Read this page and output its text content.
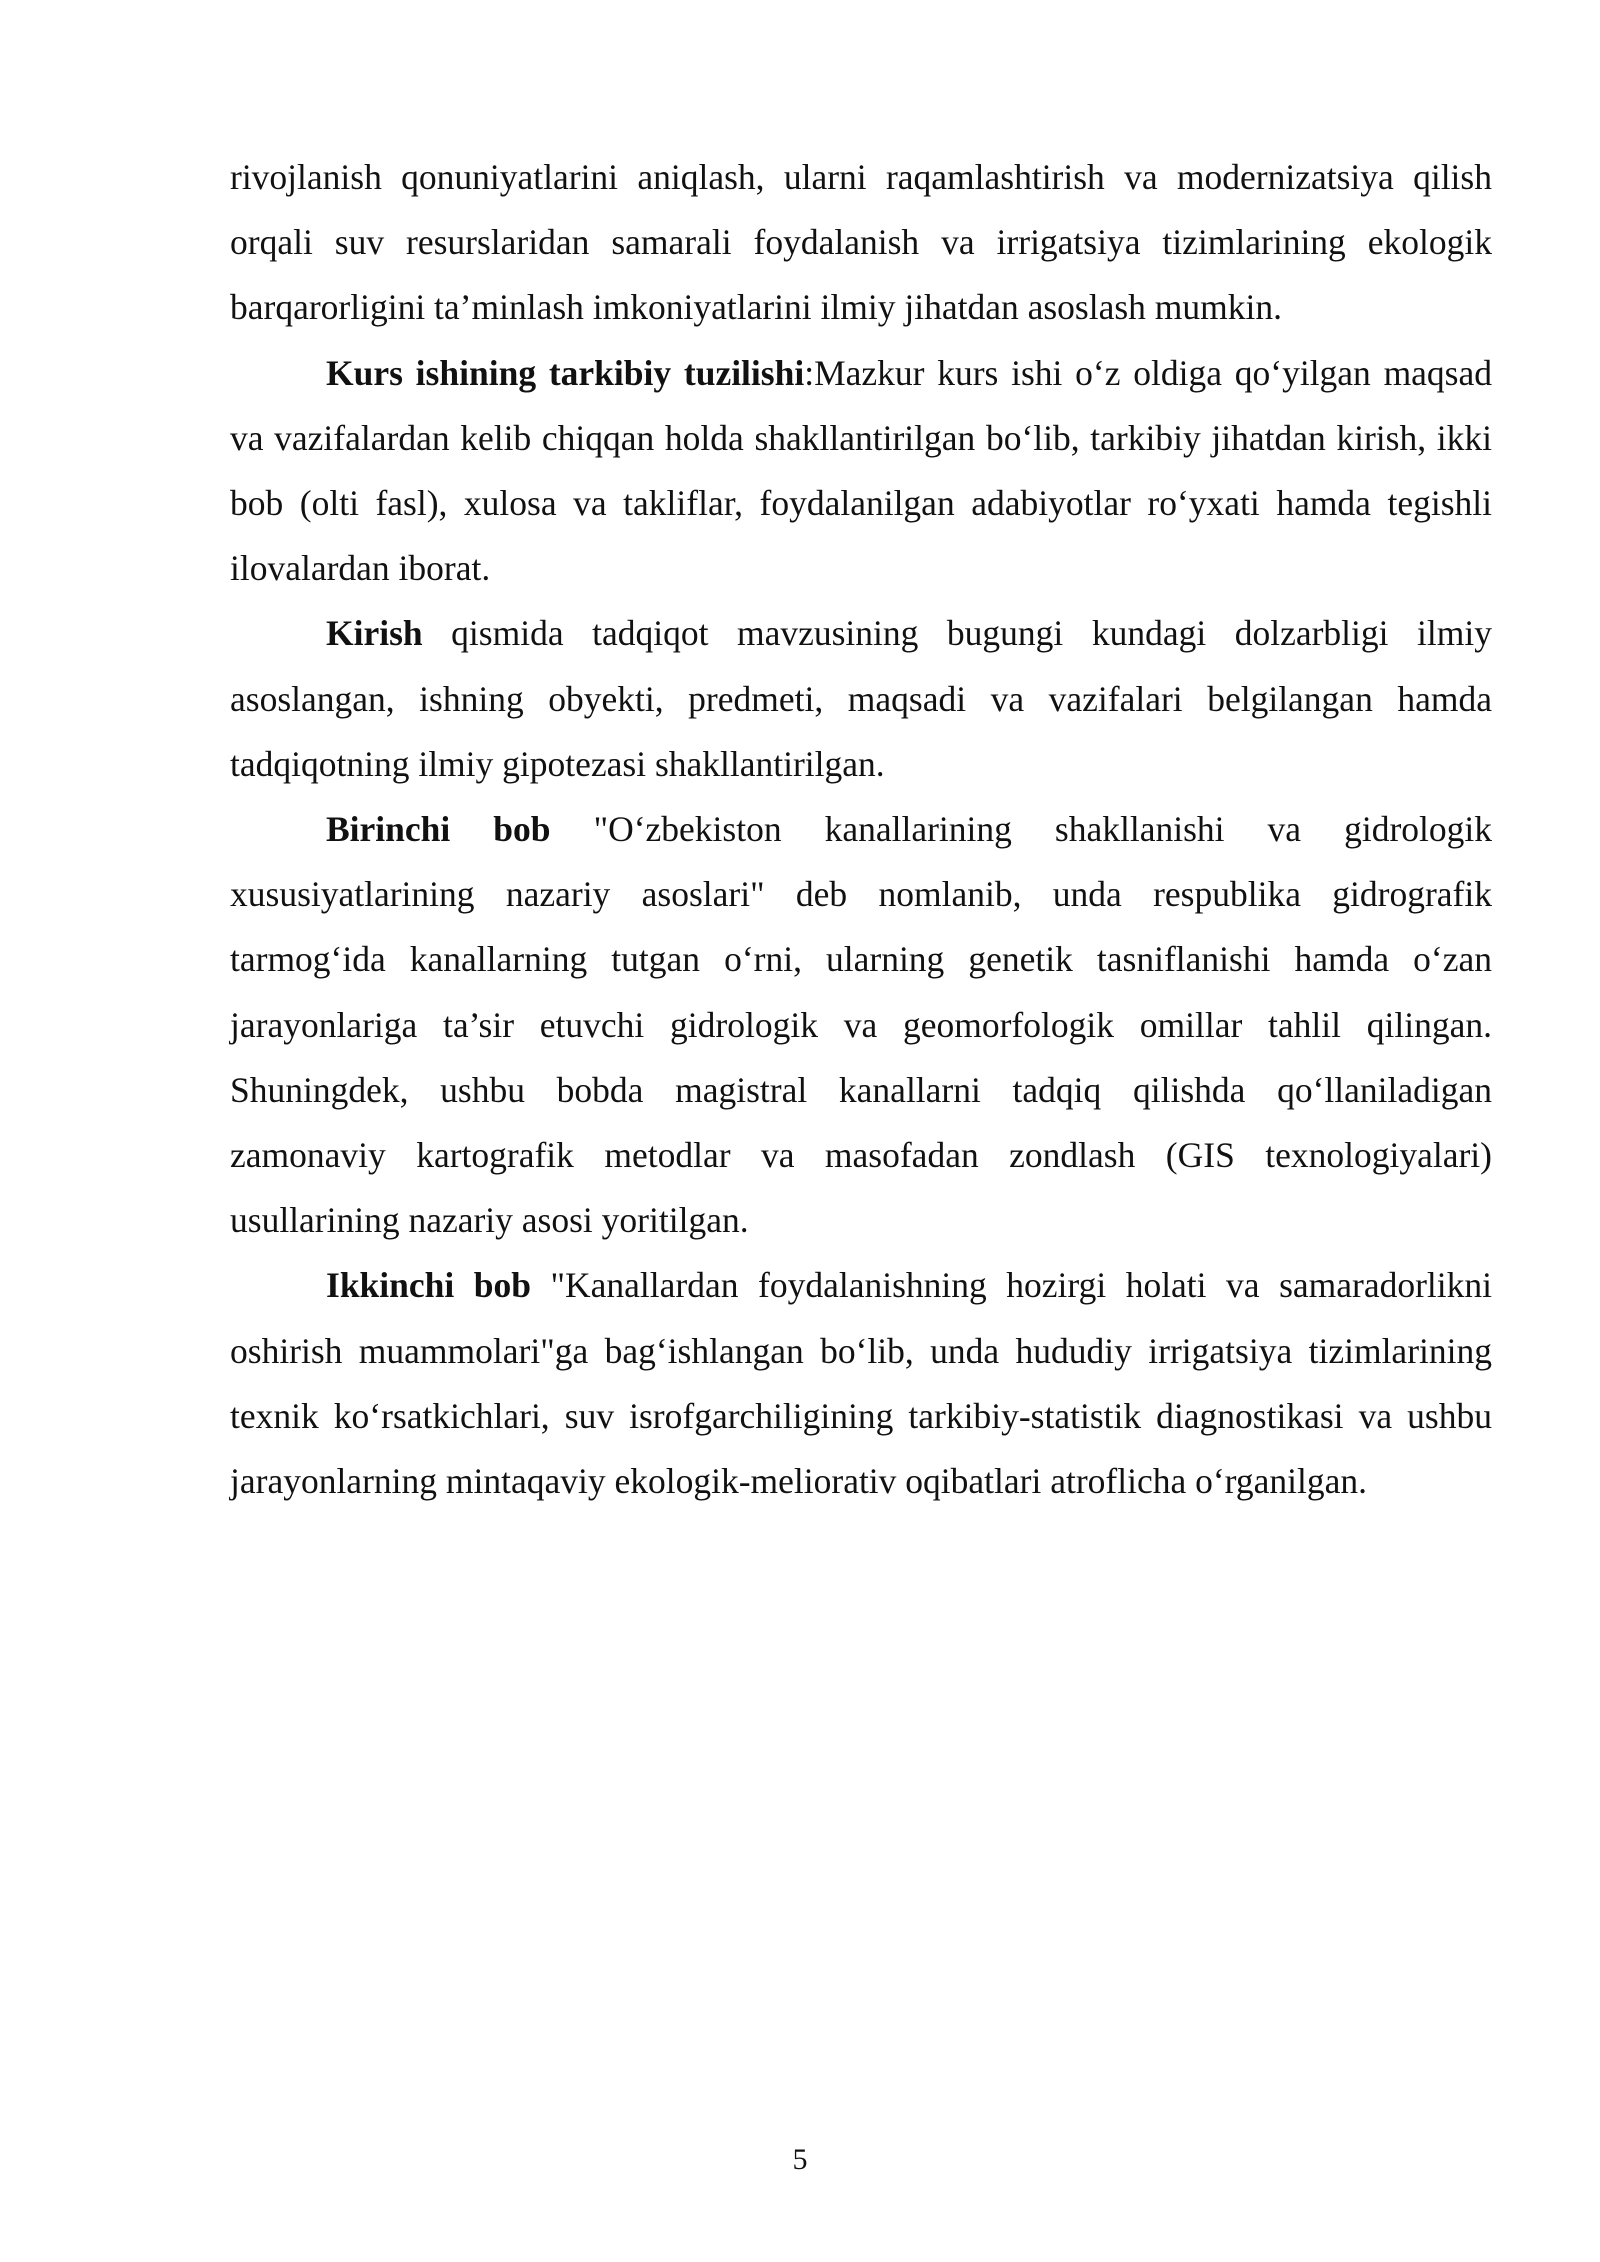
rivojlanish qonuniyatlarini aniqlash, ularni raqamlashtirish va modernizatsiya qilish orqali suv resurslaridan samarali foydalanish va irrigatsiya tizimlarining ekologik barqarorligini ta’minlash imkoniyatlarini ilmiy jihatdan asoslash mumkin.

Kurs ishining tarkibiy tuzilishi:Mazkur kurs ishi o‘z oldiga qo‘yilgan maqsad va vazifalardan kelib chiqqan holda shakllantirilgan bo‘lib, tarkibiy jihatdan kirish, ikki bob (olti fasl), xulosa va takliflar, foydalanilgan adabiyotlar ro‘yxati hamda tegishli ilovalardan iborat.

Kirish qismida tadqiqot mavzusining bugungi kundagi dolzarbligi ilmiy asoslangan, ishning obyekti, predmeti, maqsadi va vazifalari belgilangan hamda tadqiqotning ilmiy gipotezasi shakllantirilgan.

Birinchi bob "O‘zbekiston kanallarining shakllanishi va gidrologik xususiyatlarining nazariy asoslari" deb nomlanib, unda respublika gidrografik tarmog‘ida kanallarning tutgan o‘rni, ularning genetik tasniflanishi hamda o‘zan jarayonlariga ta’sir etuvchi gidrologik va geomorfologik omillar tahlil qilingan. Shuningdek, ushbu bobda magistral kanallarni tadqiq qilishda qo‘llaniladigan zamonaviy kartografik metodlar va masofadan zondlash (GIS texnologiyalari) usullarining nazariy asosi yoritilgan.

Ikkinchi bob "Kanallardan foydalanishning hozirgi holati va samaradorlikni oshirish muammolari"ga bag‘ishlangan bo‘lib, unda hududiy irrigatsiya tizimlarining texnik ko‘rsatkichlari, suv isrofgarchiligining tarkibiy-statistik diagnostikasi va ushbu jarayonlarning mintaqaviy ekologik-meliorativ oqibatlari atroflicha o‘rganilgan.

5
